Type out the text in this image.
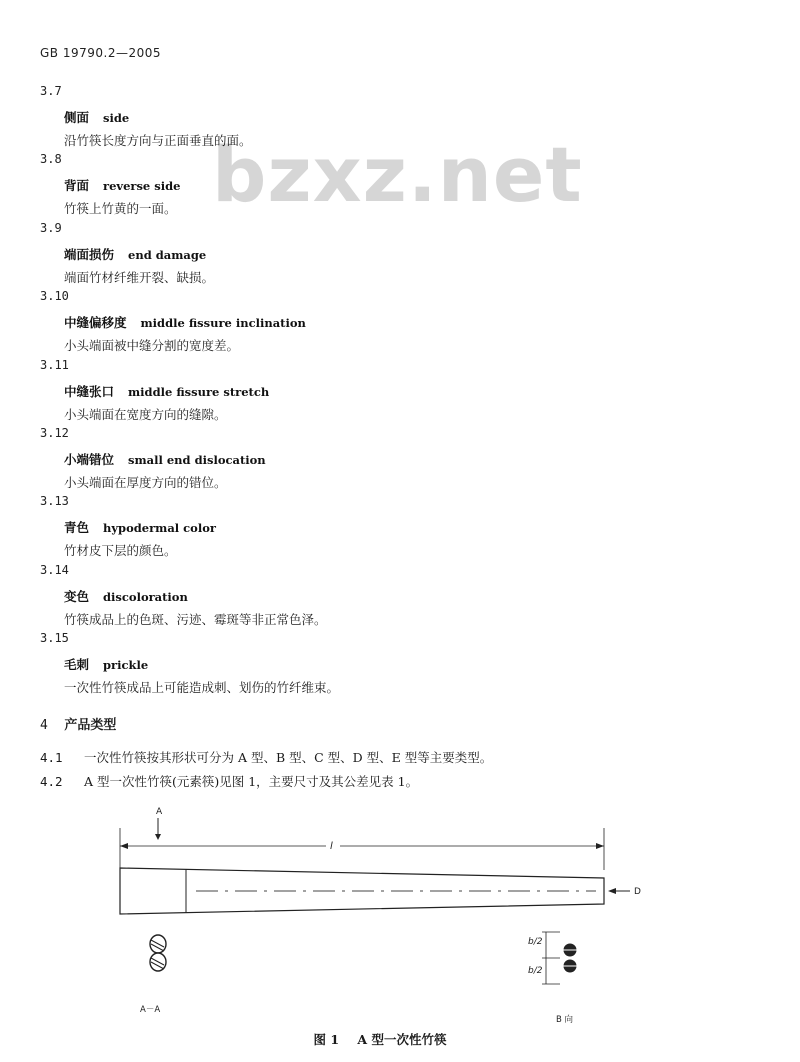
GB 19790.2—2005
bzxz.net
3.7
侧面 side
沿竹筷长度方向与正面垂直的面。
3.8
背面 reverse side
竹筷上竹黄的一面。
3.9
端面损伤 end damage
端面竹材纤维开裂、缺损。
3.10
中缝偏移度 middle fissure inclination
小头端面被中缝分割的宽度差。
3.11
中缝张口 middle fissure stretch
小头端面在宽度方向的缝隙。
3.12
小端错位 small end dislocation
小头端面在厚度方向的错位。
3.13
青色 hypodermal color
竹材皮下层的颜色。
3.14
变色 discoloration
竹筷成品上的色斑、污迹、霉斑等非正常色泽。
3.15
毛刺 prickle
一次性竹筷成品上可能造成刺、划伤的竹纤维束。
4 产品类型
4.1 一次性竹筷按其形状可分为 A 型、B 型、C 型、D 型、E 型等主要类型。
4.2 A 型一次性竹筷(元素筷)见图 1，主要尺寸及其公差见表 1。
A
l
D
A－A
b/2
b/2
B 向
图 1 A 型一次性竹筷
